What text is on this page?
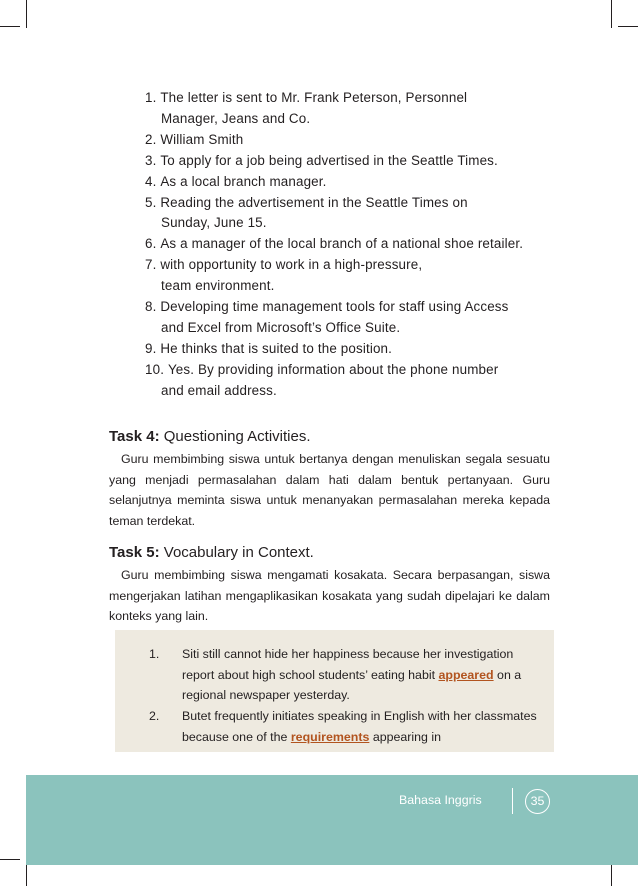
1.
The letter is sent to Mr. Frank Peterson, Personnel
Manager, Jeans and Co.
2.
William Smith
3.
To apply for a job being advertised in the Seattle Times.
4.
As a local branch manager.
5.
Reading the advertisement in the Seattle Times on
Sunday, June 15.
6.
As a manager of the local branch of a national shoe retailer.
7.
with opportunity to work in a high-pressure,
team environment.
8.
Developing time management tools for staff using Access
and Excel from Microsoft’s Office Suite.
9.
He thinks that is suited to the position.
10.
Yes. By providing information about the phone number
and email address.
Task 4: Questioning Activities.
Guru membimbing siswa untuk bertanya dengan menuliskan segala sesuatu yang menjadi permasalahan dalam hati dalam bentuk pertanyaan. Guru selanjutnya meminta siswa untuk menanyakan permasalahan mereka kepada teman terdekat.
Task 5: Vocabulary in Context.
Guru membimbing siswa mengamati kosakata. Secara berpasangan, siswa mengerjakan latihan mengaplikasikan kosakata yang sudah dipelajari ke dalam konteks yang lain.
1. Siti still cannot hide her happiness because her investigation report about high school students’ eating habit appeared on a regional newspaper yesterday.
2. Butet frequently initiates speaking in English with her classmates because one of the requirements appearing in
Bahasa Inggris	35
